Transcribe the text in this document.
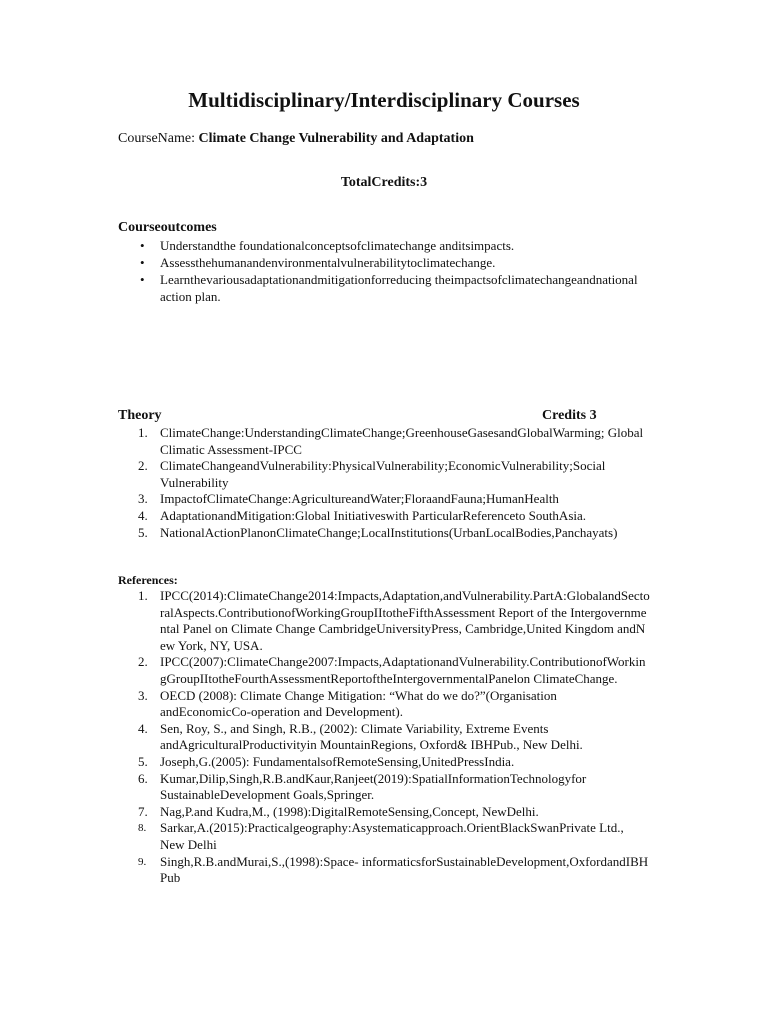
Multidisciplinary/Interdisciplinary Courses
CourseName: Climate Change Vulnerability and Adaptation
TotalCredits:3
Courseoutcomes
• Understandthe foundationalconceptsofclimatechange anditsimpacts.
• Assessthehumanandenvironmentalvulnerabilitytoclimatechange.
• Learnthevariousadaptationandmitigationforreducing theimpactsofclimatechangeandnational action plan.
Theory	Credits 3
1. ClimateChange:UnderstandingClimateChange;GreenhouseGasesandGlobalWarming; Global Climatic Assessment-IPCC
2. ClimateChangeandVulnerability:PhysicalVulnerability;EconomicVulnerability;Social Vulnerability
3. ImpactofClimateChange:AgricultureandWater;FloraandFauna;HumanHealth
4. AdaptationandMitigation:Global Initiativeswith ParticularReferenceto SouthAsia.
5. NationalActionPlanonClimateChange;LocalInstitutions(UrbanLocalBodies,Panchayats)
References:
1. IPCC(2014):ClimateChange2014:Impacts,Adaptation,andVulnerability.PartA:GlobalandSectoralAspects.ContributionofWorkingGroupIItotheFifthAssessment Report of the Intergovernmental Panel on Climate Change CambridgeUniversityPress, Cambridge,United Kingdom andNew York, NY, USA.
2. IPCC(2007):ClimateChange2007:Impacts,AdaptationandVulnerability.ContributionofWorkingGroupIItotheFourthAssessmentReportoftheIntergovernmentalPanelon ClimateChange.
3. OECD (2008): Climate Change Mitigation: “What do we do?”(Organisation andEconomicCo-operation and Development).
4. Sen, Roy, S., and Singh, R.B., (2002): Climate Variability, Extreme Events andAgriculturalProductivityin MountainRegions, Oxford& IBHPub., New Delhi.
5. Joseph,G.(2005): FundamentalsofRemoteSensing,UnitedPressIndia.
6. Kumar,Dilip,Singh,R.B.andKaur,Ranjeet(2019):SpatialInformationTechnologyfor SustainableDevelopment Goals,Springer.
7. Nag,P.and Kudra,M., (1998):DigitalRemoteSensing,Concept, NewDelhi.
8. Sarkar,A.(2015):Practicalgeography:Asystematicapproach.OrientBlackSwanPrivate Ltd., New Delhi
9. Singh,R.B.andMurai,S.,(1998):Space- informaticsforSustainableDevelopment,OxfordandIBH Pub
